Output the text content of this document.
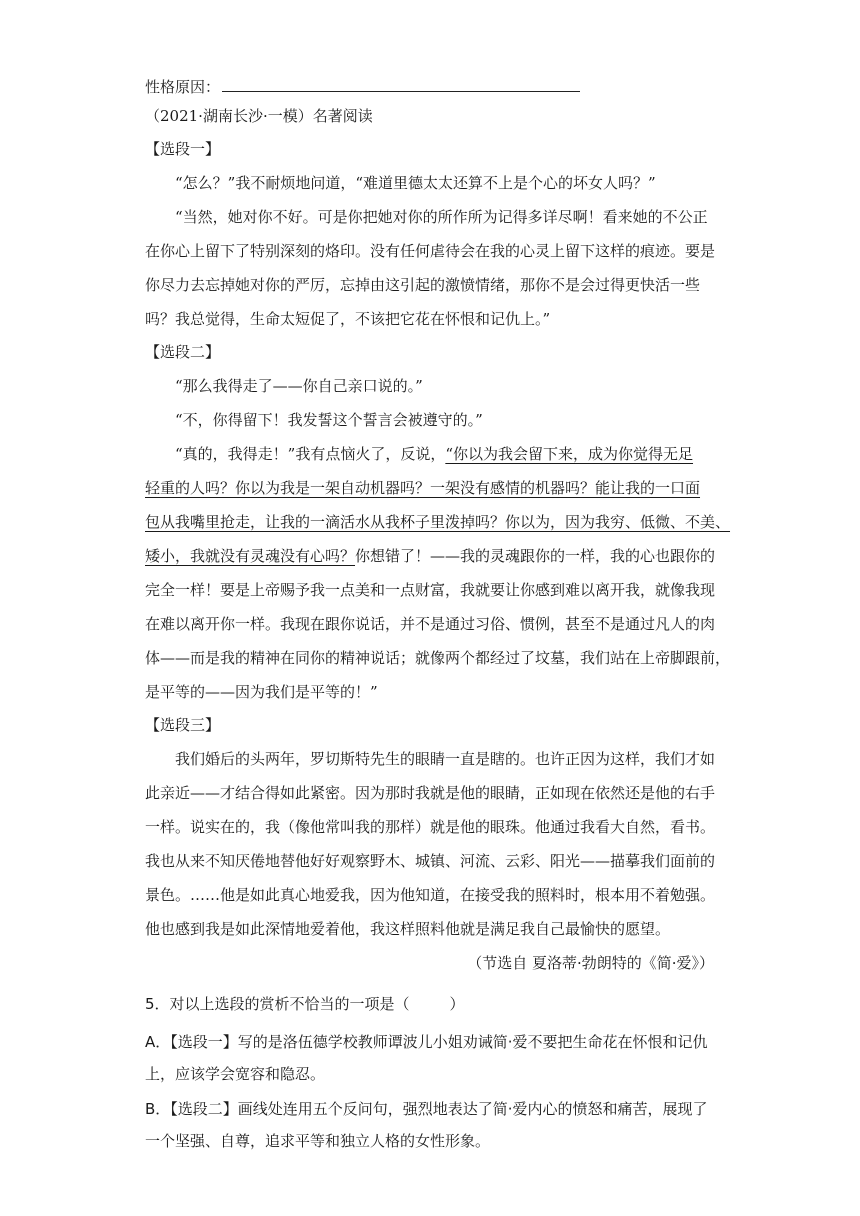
性格原因：
（2021·湖南长沙·一模）名著阅读
【选段一】
“怎么？”我不耐烦地问道，“难道里德太太还算不上是个心的坏女人吗？”
“当然，她对你不好。可是你把她对你的所作所为记得多详尽啊！看来她的不公正
在你心上留下了特别深刻的烙印。没有任何虐待会在我的心灵上留下这样的痕迹。要是
你尽力去忘掉她对你的严厉，忘掉由这引起的激愤情绪，那你不是会过得更快活一些
吗？我总觉得，生命太短促了，不该把它花在怀恨和记仇上。”
【选段二】
“那么我得走了——你自己亲口说的。”
“不，你得留下！我发誓这个誓言会被遵守的。”
“真的，我得走！”我有点恼火了，反说，“你以为我会留下来，成为你觉得无足
轻重的人吗？你以为我是一架自动机器吗？一架没有感情的机器吗？能让我的一口面
包从我嘴里抢走，让我的一滴活水从我杯子里泼掉吗？你以为，因为我穷、低微、不美、
矮小，我就没有灵魂没有心吗？你想错了！——我的灵魂跟你的一样，我的心也跟你的
完全一样！要是上帝赐予我一点美和一点财富，我就要让你感到难以离开我，就像我现
在难以离开你一样。我现在跟你说话，并不是通过习俗、惯例，甚至不是通过凡人的肉
体——而是我的精神在同你的精神说话；就像两个都经过了坟墓，我们站在上帝脚跟前，
是平等的——因为我们是平等的！”
【选段三】
我们婚后的头两年，罗切斯特先生的眼睛一直是瞎的。也许正因为这样，我们才如
此亲近——才结合得如此紧密。因为那时我就是他的眼睛，正如现在依然还是他的右手
一样。说实在的，我（像他常叫我的那样）就是他的眼珠。他通过我看大自然，看书。
我也从来不知厌倦地替他好好观察野木、城镇、河流、云彩、阳光——描摹我们面前的
景色。……他是如此真心地爱我，因为他知道，在接受我的照料时，根本用不着勉强。
他也感到我是如此深情地爱着他，我这样照料他就是满足我自己最愉快的愿望。
（节选自 夏洛蒂·勃朗特的《简·爱》）
5．对以上选段的赏析不恰当的一项是（	）
A．【选段一】写的是洛伍德学校教师谭波儿小姐劝诫简·爱不要把生命花在怀恨和记仇
上，应该学会宽容和隐忍。
B．【选段二】画线处连用五个反问句，强烈地表达了简·爱内心的愤怒和痛苦，展现了
一个坚强、自尊，追求平等和独立人格的女性形象。
